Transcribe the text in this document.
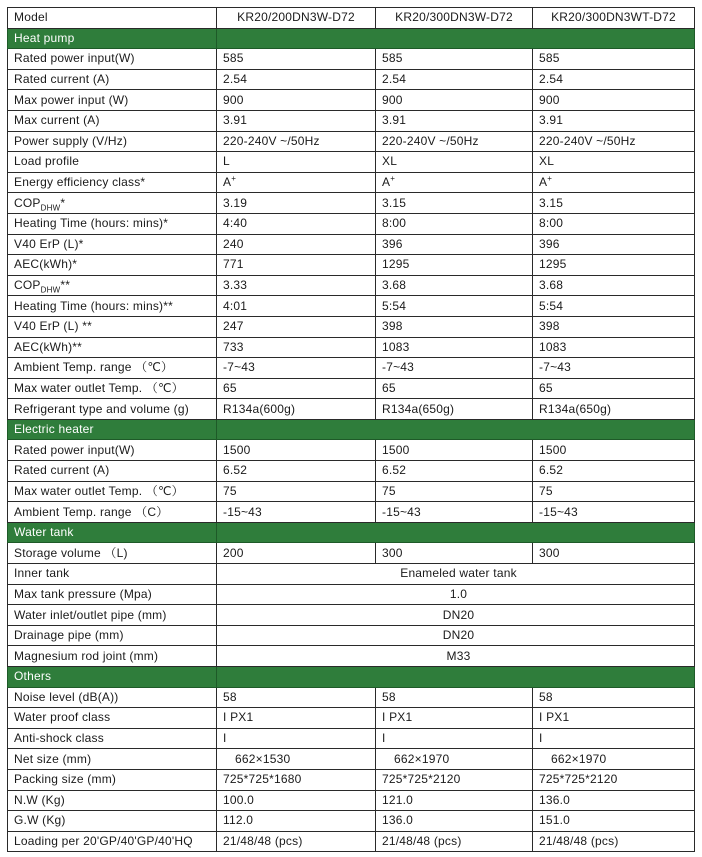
Model	KR20/200DN3W-D72	KR20/300DN3W-D72	KR20/300DN3WT-D72
Heat pump			
Rated power input(W)	585	585	585
Rated current (A)	2.54	2.54	2.54
Max power input (W)	900	900	900
Max current (A)	3.91	3.91	3.91
Power supply (V/Hz)	220-240V ~/50Hz	220-240V ~/50Hz	220-240V ~/50Hz
Load profile	L	XL	XL
Energy efficiency class*	A+	A+	A+
$COP_{DHW}*$	3.19	3.15	3.15
Heating Time (hours: mins)*	4:40	8:00	8:00
V40 ErP (L)*	240	396	396
AEC(kWh)*	771	1295	1295
$COP_{DHW}**$	3.33	3.68	3.68
Heating Time (hours: mins)**	4:01	5:54	5:54
V40 ErP (L) **	247	398	398
AEC(kWh)**	733	1083	1083
Ambient Temp. range （℃）	-7~43	-7~43	-7~43
Max water outlet Temp. （℃）	65	65	65
Refrigerant type and volume (g)	R134a(600g)	R134a(650g)	R134a(650g)
Electric heater			
Rated power input(W)	1500	1500	1500
Rated current (A)	6.52	6.52	6.52
Max water outlet Temp. （℃）	75	75	75
Ambient Temp. range （C）	-15~43	-15~43	-15~43
Water tank			
Storage volume （L)	200	300	300
Inner tank	Enameled water tank		
Max tank pressure (Mpa)	1.0		
Water inlet/outlet pipe (mm)	DN20		
Drainage pipe (mm)	DN20		
Magnesium rod joint (mm)	M33		
Others			
Noise level (dB(A))	58	58	58
Water proof class	I PX1	I PX1	I PX1
Anti-shock class	I	I	I
Net size (mm)	662×1530	662×1970	662×1970
Packing size (mm)	725*725*1680	725*725*2120	725*725*2120
N.W (Kg)	100.0	121.0	136.0
G.W (Kg)	112.0	136.0	151.0
Loading per 20'GP/40'GP/40'HQ	21/48/48 (pcs)	21/48/48 (pcs)	21/48/48 (pcs)
